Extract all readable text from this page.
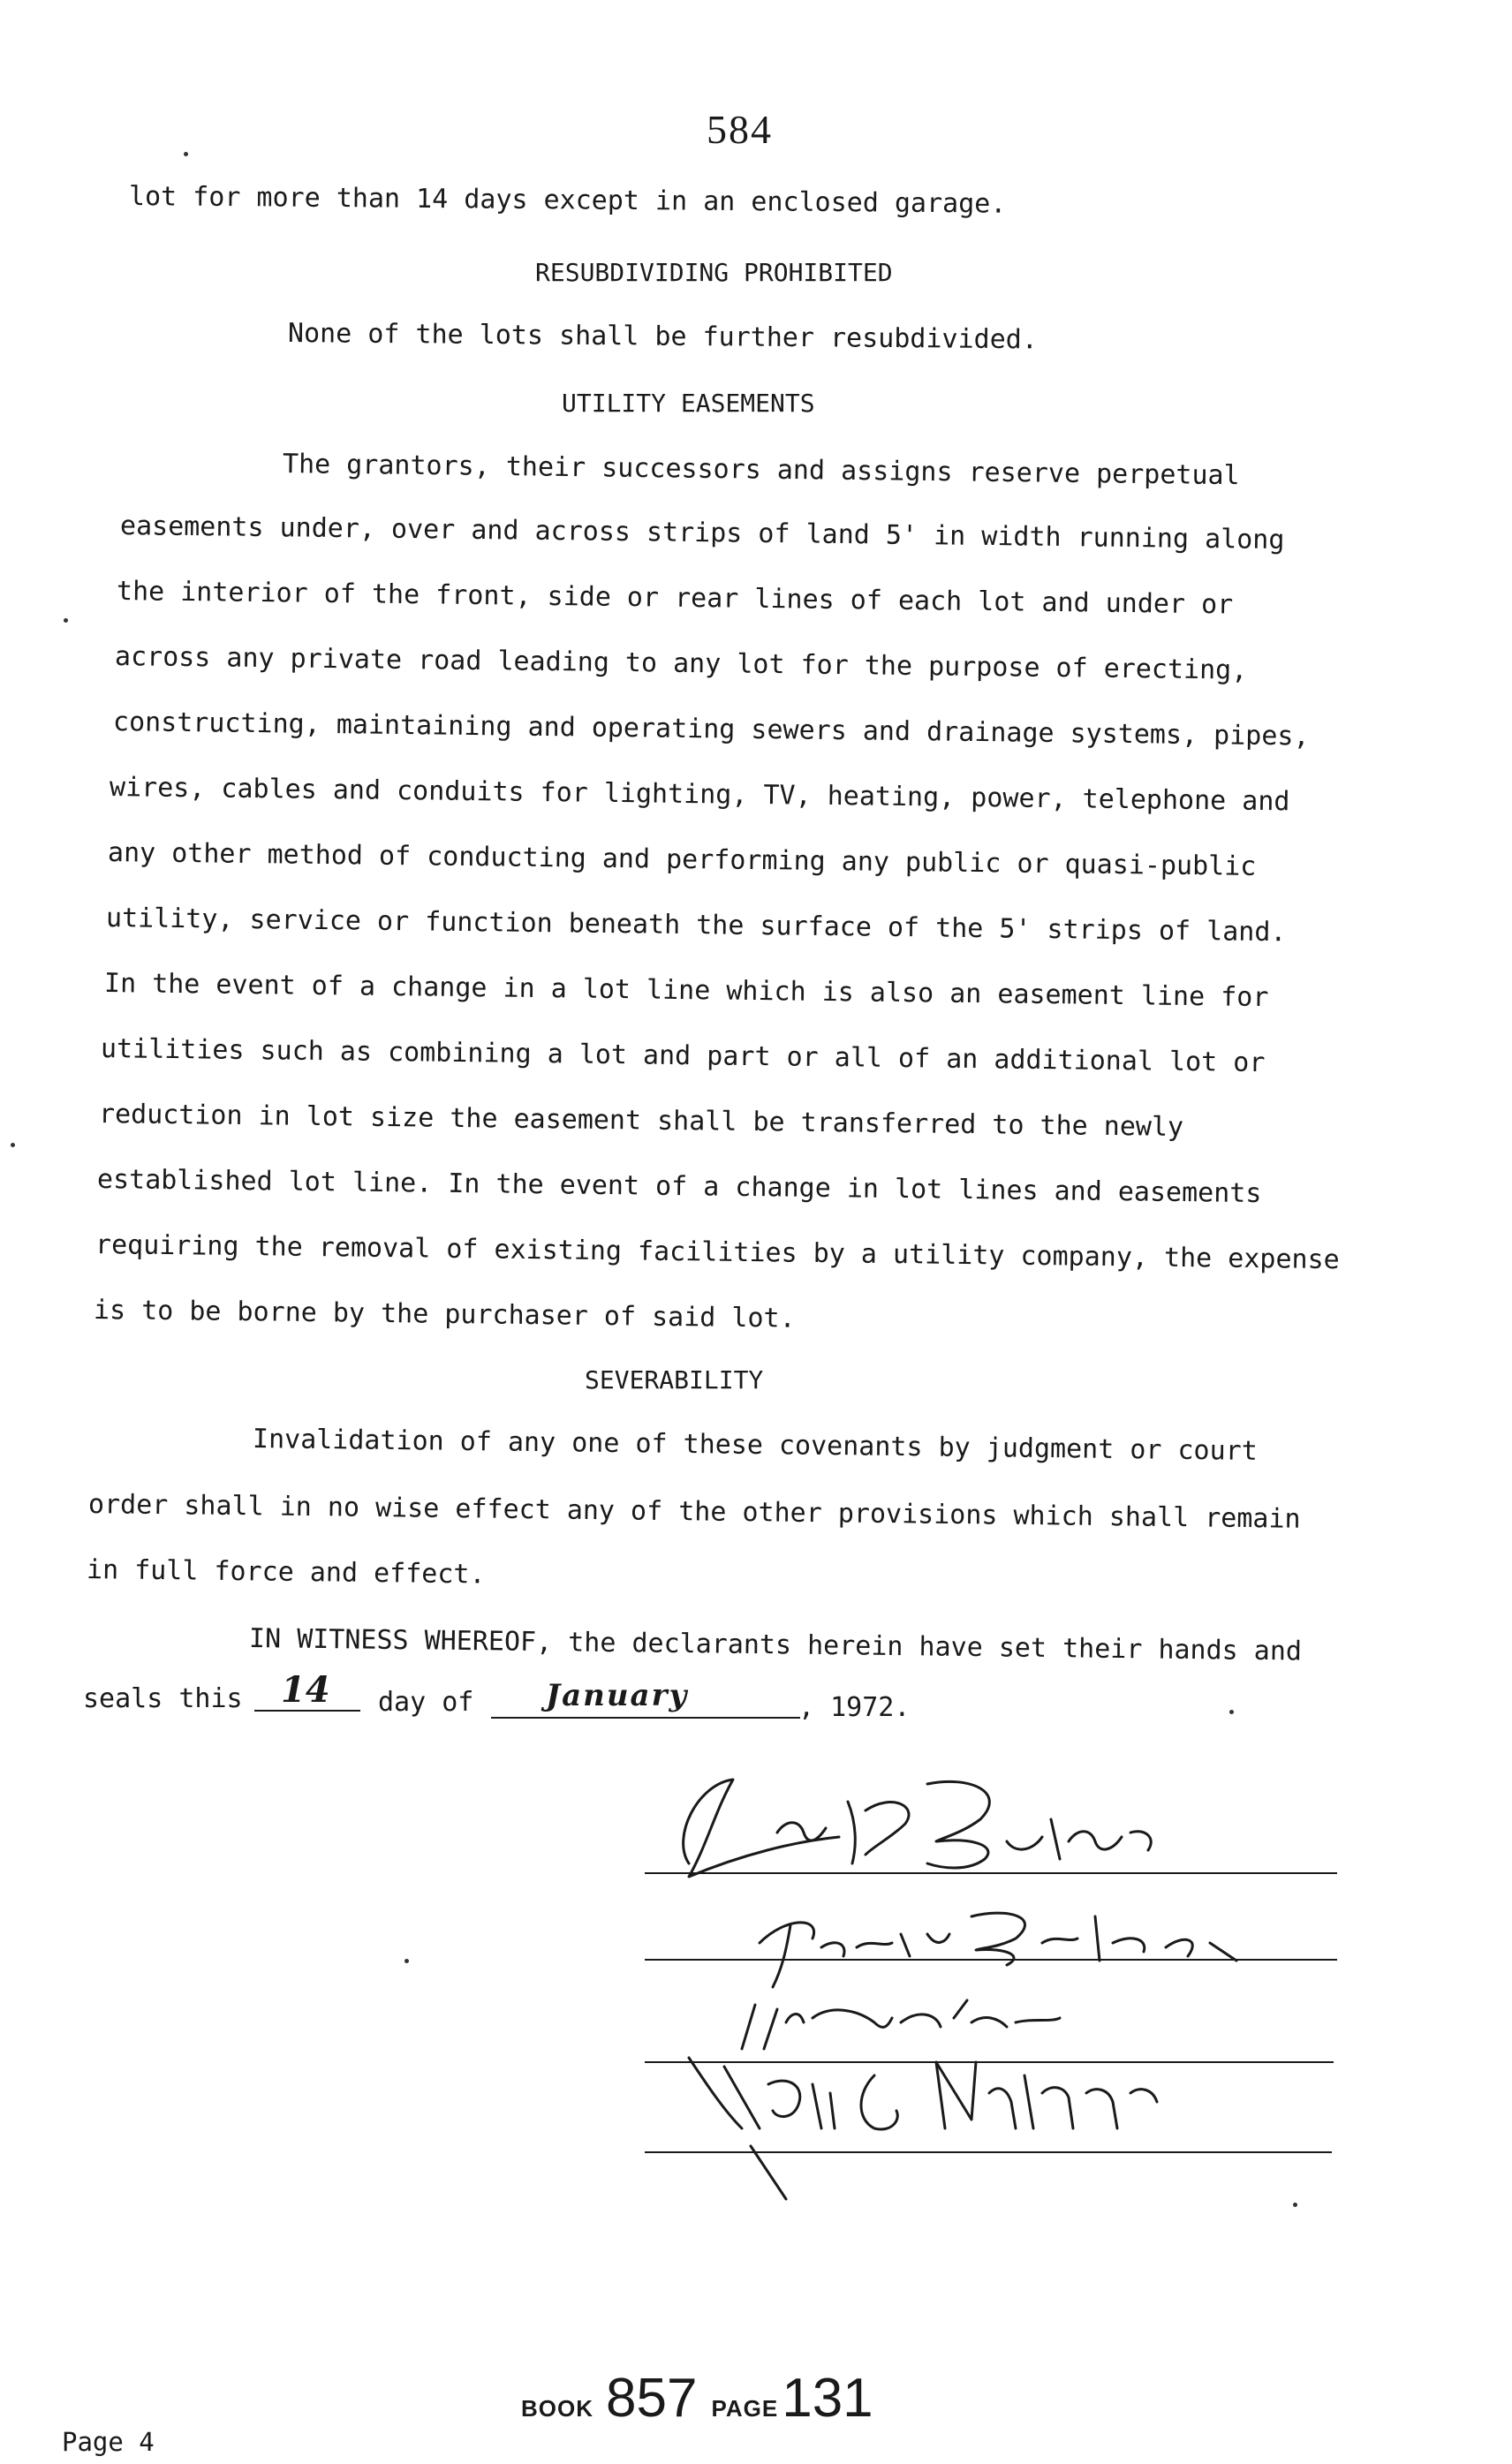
584
lot for more than 14 days except in an enclosed garage.
RESUBDIVIDING PROHIBITED
None of the lots shall be further resubdivided.
UTILITY EASEMENTS
The grantors, their successors and assigns reserve perpetual
easements under, over and across strips of land 5' in width running along
the interior of the front, side or rear lines of each lot and under or
across any private road leading to any lot for the purpose of erecting,
constructing, maintaining and operating sewers and drainage systems, pipes,
wires, cables and conduits for lighting, TV, heating, power, telephone and
any other method of conducting and performing any public or quasi-public
utility, service or function beneath the surface of the 5' strips of land.
In the event of a change in a lot line which is also an easement line for
utilities such as combining a lot and part or all of an additional lot or
reduction in lot size the easement shall be transferred to the newly
established lot line. In the event of a change in lot lines and easements
requiring the removal of existing facilities by a utility company, the expense
is to be borne by the purchaser of said lot.
SEVERABILITY
Invalidation of any one of these covenants by judgment or court
order shall in no wise effect any of the other provisions which shall remain
in full force and effect.
IN WITNESS WHEREOF, the declarants herein have set their hands and
seals this 14 day of January	, 1972.
Page 4
BOOK 857 PAGE 131
